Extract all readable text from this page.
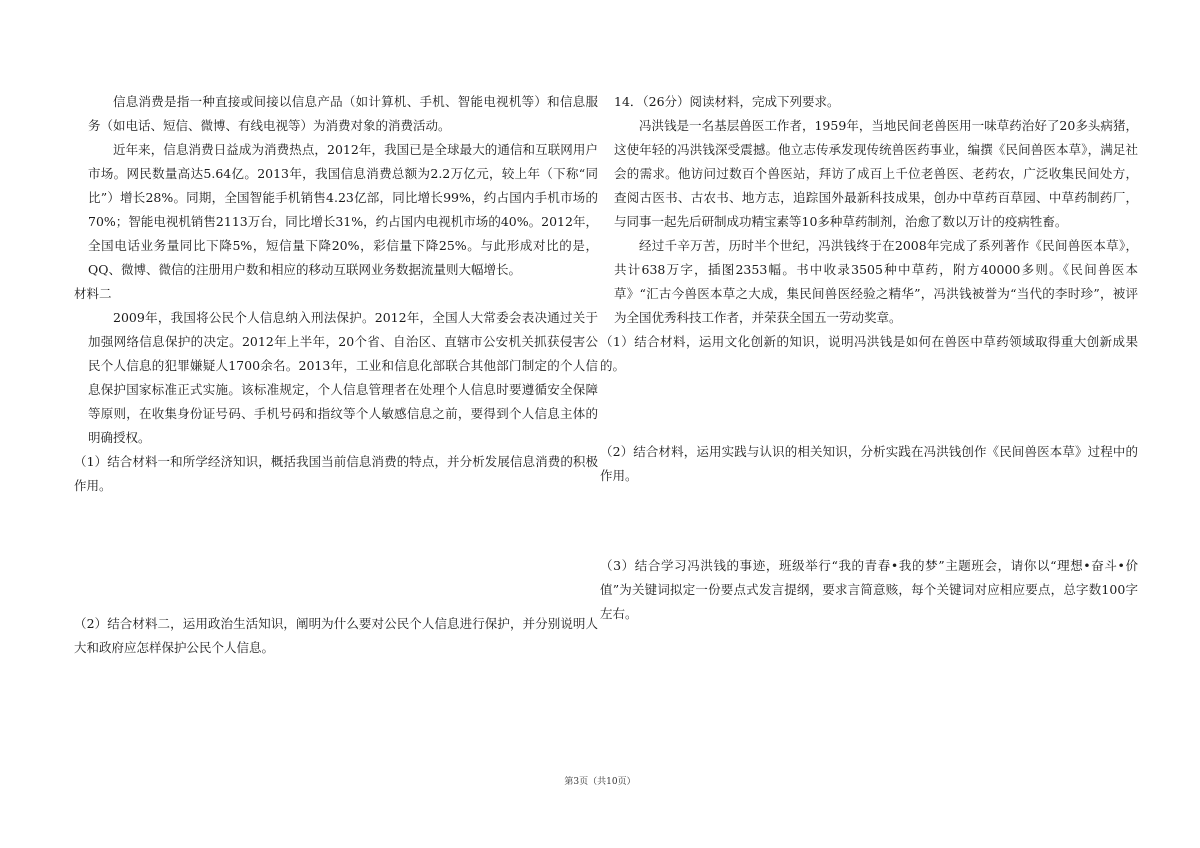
信息消费是指一种直接或间接以信息产品（如计算机、手机、智能电视机等）和信息服务（如电话、短信、微博、有线电视等）为消费对象的消费活动。

近年来，信息消费日益成为消费热点，2012年，我国已是全球最大的通信和互联网用户市场。网民数量高达5.64亿。2013年，我国信息消费总额为2.2万亿元，较上年（下称“同比”）增长28%。同期，全国智能手机销售4.23亿部，同比增长99%，约占国内手机市场的70%；智能电视机销售2113万台，同比增长31%，约占国内电视机市场的40%。2012年，全国电话业务量同比下降5%，短信量下降20%，彩信量下降25%。与此形成对比的是，QQ、微博、微信的注册用户数和相应的移动互联网业务数据流量则大幅增长。

材料二

2009年，我国将公民个人信息纳入刑法保护。2012年，全国人大常委会表决通过关于加强网络信息保护的决定。2012年上半年，20个省、自治区、直辖市公安机关抓获侵害公民个人信息的犯罪嫌疑人1700余名。2013年，工业和信息化部联合其他部门制定的个人信息保护国家标准正式实施。该标准规定，个人信息管理者在处理个人信息时要遵循安全保障等原则，在收集身份证号码、手机号码和指纹等个人敏感信息之前，要得到个人信息主体的明确授权。

（1）结合材料一和所学经济知识，概括我国当前信息消费的特点，并分析发展信息消费的积极作用。

（2）结合材料二，运用政治生活知识，阐明为什么要对公民个人信息进行保护，并分别说明人大和政府应怎样保护公民个人信息。

14．（26分）阅读材料，完成下列要求。

冯洪钱是一名基层兽医工作者，1959年，当地民间老兽医用一味草药治好了20多头病猪，这使年轻的冯洪钱深受震撼。他立志传承发现传统兽医药事业，编撰《民间兽医本草》，满足社会的需求。他访问过数百个兽医站，拜访了成百上千位老兽医、老药农，广泛收集民间处方，查阅古医书、古农书、地方志，追踪国外最新科技成果，创办中草药百草园、中草药制药厂，与同事一起先后研制成功精宝素等10多种草药制剂，治愈了数以万计的疫病牲畜。

经过千辛万苦，历时半个世纪，冯洪钱终于在2008年完成了系列著作《民间兽医本草》，共计638万字，插图2353幅。书中收录3505种中草药，附方40000多则。《民间兽医本草》“汇古今兽医本草之大成，集民间兽医经验之精华”，冯洪钱被誉为“当代的李时珍”，被评为全国优秀科技工作者，并荣获全国五一劳动奖章。

（1）结合材料，运用文化创新的知识，说明冯洪钱是如何在兽医中草药领域取得重大创新成果的。

（2）结合材料，运用实践与认识的相关知识，分析实践在冯洪钱创作《民间兽医本草》过程中的作用。

（3）结合学习冯洪钱的事迹，班级举行“我的青春•我的梦”主题班会，请你以“理想•奋斗•价值”为关键词拟定一份要点式发言提纲，要求言简意赅，每个关键词对应相应要点，总字数100字左右。

第3页（共10页）
